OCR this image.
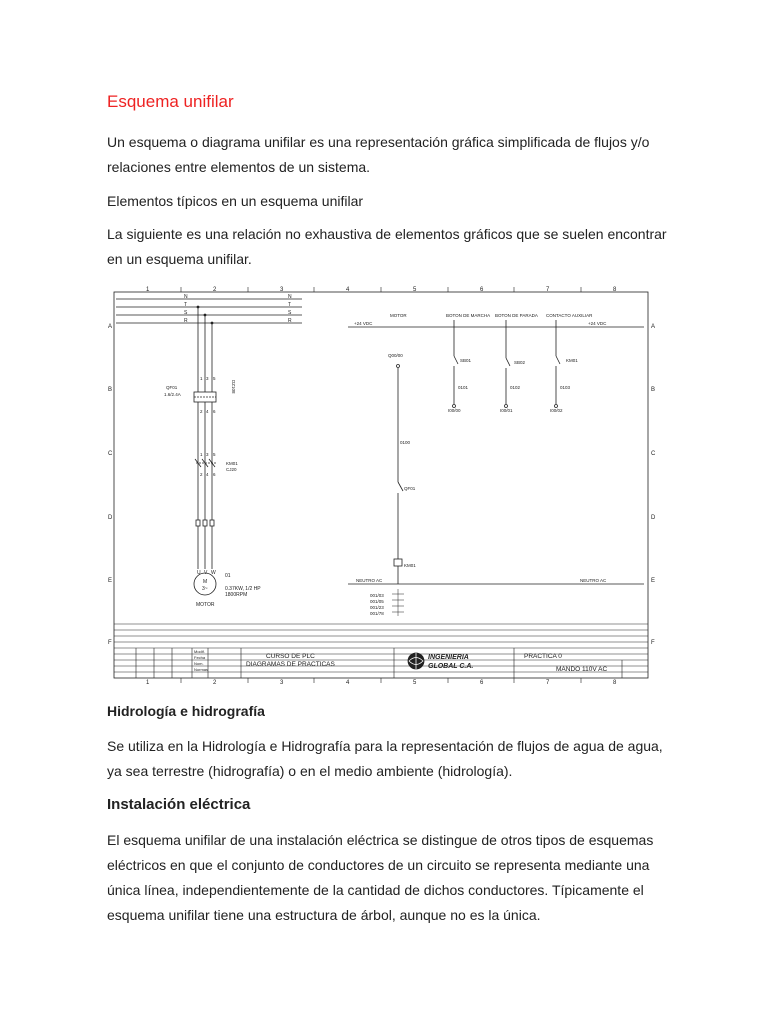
Esquema unifilar

Un esquema o diagrama unifilar es una representación gráfica simplificada de flujos y/o relaciones entre elementos de un sistema.

Elementos típicos en un esquema unifilar

La siguiente es una relación no exhaustiva de elementos gráficos que se suelen encontrar en un esquema unifilar.

1	2	3	4	5	6	7	8
1	2	3	4	5	6	7	8
A
B
C
D
E
F
A
B
C
D
E
F
N
T
S
R
N
T
S
R
1 3 5
2 4 6
QF01
1.6/2.4A
DZ108
1 3 5
2 4 6
KM01
CJ20
M
3~
U V W 01
0.37KW, 1/2 HP
1800RPM
MOTOR
+24 VDC	+24 VDC
NEUTRO AC	NEUTRO AC
MOTOR	BOTON DE MARCHA BOTON DE PARADA CONTACTO AUXILIAR
Q00/00
0100
QF01
KM01
SB01	SB02	KM01
0101	0102	0103
I00/00	I00/01	I00/02
001/03
001/05
001/23
001/78
Modif.
Fecha
Nom.
Normas
CURSO DE PLC
DIAGRAMAS DE PRACTICAS
PRACTICA 0
MANDO 110V AC
INGENIERIA
GLOBAL C.A.
Hidrología e hidrografía

Se utiliza en la Hidrología e Hidrografía para la representación de flujos de agua de agua, ya sea terrestre (hidrografía) o en el medio ambiente (hidrología).

Instalación eléctrica

El esquema unifilar de una instalación eléctrica se distingue de otros tipos de esquemas eléctricos en que el conjunto de conductores de un circuito se representa mediante una única línea, independientemente de la cantidad de dichos conductores. Típicamente el esquema unifilar tiene una estructura de árbol, aunque no es la única.
